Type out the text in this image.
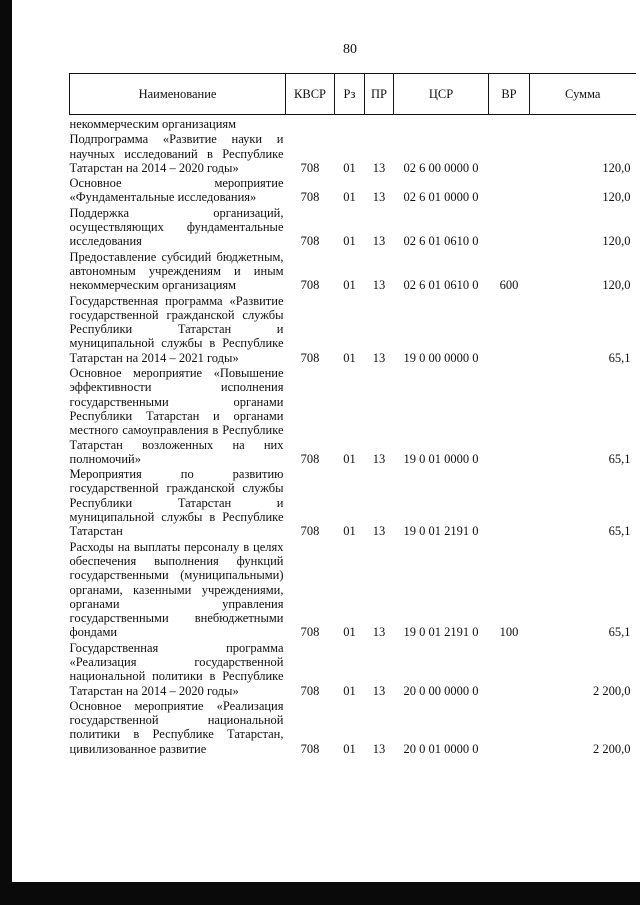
80
Наименование	КВСР	Рз	ПР	ЦСР	ВР	Сумма
некоммерческим организациям						
Подпрограмма «Развитие науки и научных исследований в Республике Татарстан на 2014 – 2020 годы»	708	01	13	02 6 00 0000 0		120,0
Основное мероприятие «Фундаментальные исследования»	708	01	13	02 6 01 0000 0		120,0
Поддержка организаций, осуществляющих фундаментальные исследования	708	01	13	02 6 01 0610 0		120,0
Предоставление субсидий бюджетным, автономным учреждениям и иным некоммерческим организациям	708	01	13	02 6 01 0610 0	600	120,0
Государственная программа «Развитие государственной гражданской службы Республики Татарстан и муниципальной службы в Республике Татарстан на 2014 – 2021 годы»	708	01	13	19 0 00 0000 0		65,1
Основное мероприятие «Повышение эффективности исполнения государственными органами Республики Татарстан и органами местного самоуправления в Республике Татарстан возложенных на них полномочий»	708	01	13	19 0 01 0000 0		65,1
Мероприятия по развитию государственной гражданской службы Республики Татарстан и муниципальной службы в Республике Татарстан	708	01	13	19 0 01 2191 0		65,1
Расходы на выплаты персоналу в целях обеспечения выполнения функций государственными (муниципальными) органами, казенными учреждениями, органами управления государственными внебюджетными фондами	708	01	13	19 0 01 2191 0	100	65,1
Государственная программа «Реализация государственной национальной политики в Республике Татарстан на 2014 – 2020 годы»	708	01	13	20 0 00 0000 0		2 200,0
Основное мероприятие «Реализация государственной национальной политики в Республике Татарстан, цивилизованное развитие	708	01	13	20 0 01 0000 0		2 200,0
